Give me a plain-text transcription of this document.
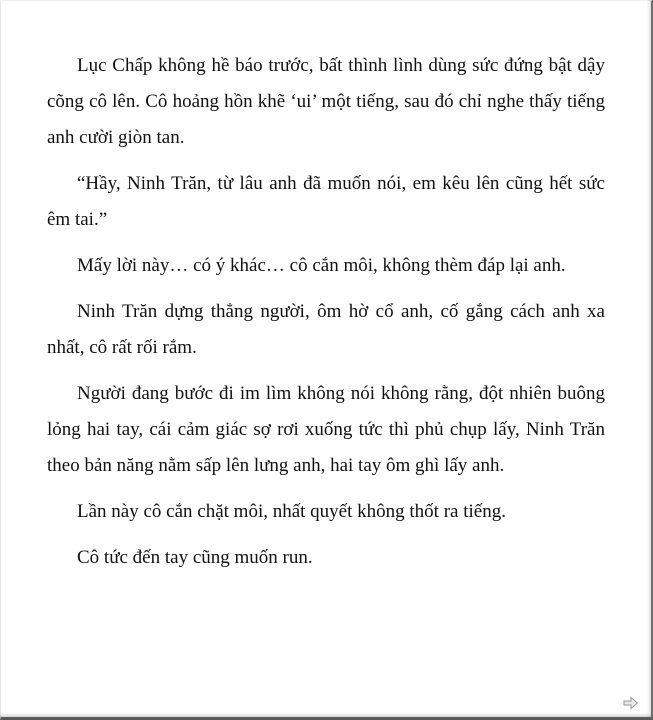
Lục Chấp không hề báo trước, bất thình lình dùng sức đứng bật dậy cõng cô lên. Cô hoảng hồn khẽ ‘ui’ một tiếng, sau đó chỉ nghe thấy tiếng anh cười giòn tan.

“Hầy, Ninh Trăn, từ lâu anh đã muốn nói, em kêu lên cũng hết sức êm tai.”

Mấy lời này… có ý khác… cô cắn môi, không thèm đáp lại anh.

Ninh Trăn dựng thẳng người, ôm hờ cổ anh, cố gắng cách anh xa nhất, cô rất rối rắm.

Người đang bước đi im lìm không nói không rằng, đột nhiên buông lỏng hai tay, cái cảm giác sợ rơi xuống tức thì phủ chụp lấy, Ninh Trăn theo bản năng nằm sấp lên lưng anh, hai tay ôm ghì lấy anh.

Lần này cô cắn chặt môi, nhất quyết không thốt ra tiếng.

Cô tức đến tay cũng muốn run.
